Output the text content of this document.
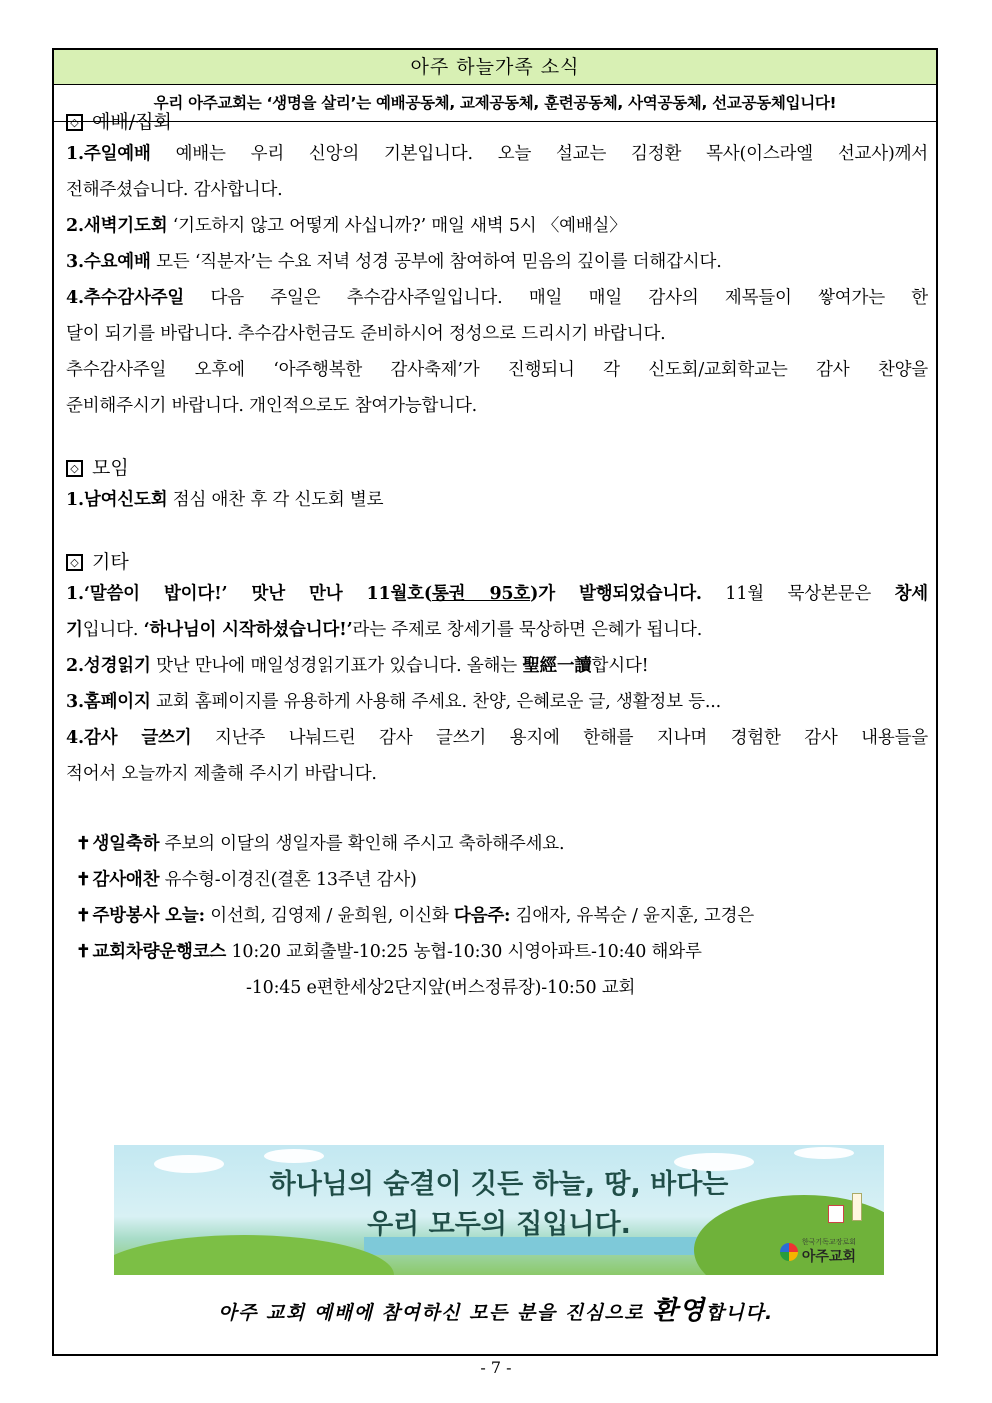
아주 하늘가족 소식
우리 아주교회는 ‘생명을 살리’는 예배공동체, 교제공동체, 훈련공동체, 사역공동체, 선교공동체입니다!
◇ 예배/집회
1.주일예배 예배는 우리 신앙의 기본입니다. 오늘 설교는 김정환 목사(이스라엘 선교사)께서
전해주셨습니다. 감사합니다.
2.새벽기도회 ‘기도하지 않고 어떻게 사십니까?’ 매일 새벽 5시 〈예배실〉
3.수요예배 모든 ‘직분자’는 수요 저녁 성경 공부에 참여하여 믿음의 깊이를 더해갑시다.
4.추수감사주일 다음 주일은 추수감사주일입니다. 매일 매일 감사의 제목들이 쌓여가는 한
달이 되기를 바랍니다. 추수감사헌금도 준비하시어 정성으로 드리시기 바랍니다.
추수감사주일 오후에 ‘아주행복한 감사축제’가 진행되니 각 신도회/교회학교는 감사 찬양을
준비해주시기 바랍니다. 개인적으로도 참여가능합니다.
◇ 모임
1.남여신도회 점심 애찬 후 각 신도회 별로
◇ 기타
1.‘말씀이 밥이다!’ 맛난 만나 11월호(통권 95호)가 발행되었습니다. 11월 묵상본문은 창세
기입니다. ‘하나님이 시작하셨습니다!’라는 주제로 창세기를 묵상하면 은혜가 됩니다.
2.성경읽기 맛난 만나에 매일성경읽기표가 있습니다. 올해는 聖經一讀합시다!
3.홈페이지 교회 홈페이지를 유용하게 사용해 주세요. 찬양, 은혜로운 글, 생활정보 등...
4.감사 글쓰기 지난주 나눠드린 감사 글쓰기 용지에 한해를 지나며 경험한 감사 내용들을
적어서 오늘까지 제출해 주시기 바랍니다.
✝ 생일축하 주보의 이달의 생일자를 확인해 주시고 축하해주세요.
✝ 감사애찬 유수형-이경진(결혼 13주년 감사)
✝ 주방봉사 오늘: 이선희, 김영제 / 윤희원, 이신화 다음주: 김애자, 유복순 / 윤지훈, 고경은
✝ 교회차량운행코스 10:20 교회출발-10:25 농협-10:30 시영아파트-10:40 해와루
-10:45 e편한세상2단지앞(버스정류장)-10:50 교회
하나님의 숨결이 깃든 하늘, 땅, 바다는
우리 모두의 집입니다.
한국기독교장로회
아주교회
아주 교회 예배에 참여하신 모든 분을 진심으로 환영합니다.
- 7 -
